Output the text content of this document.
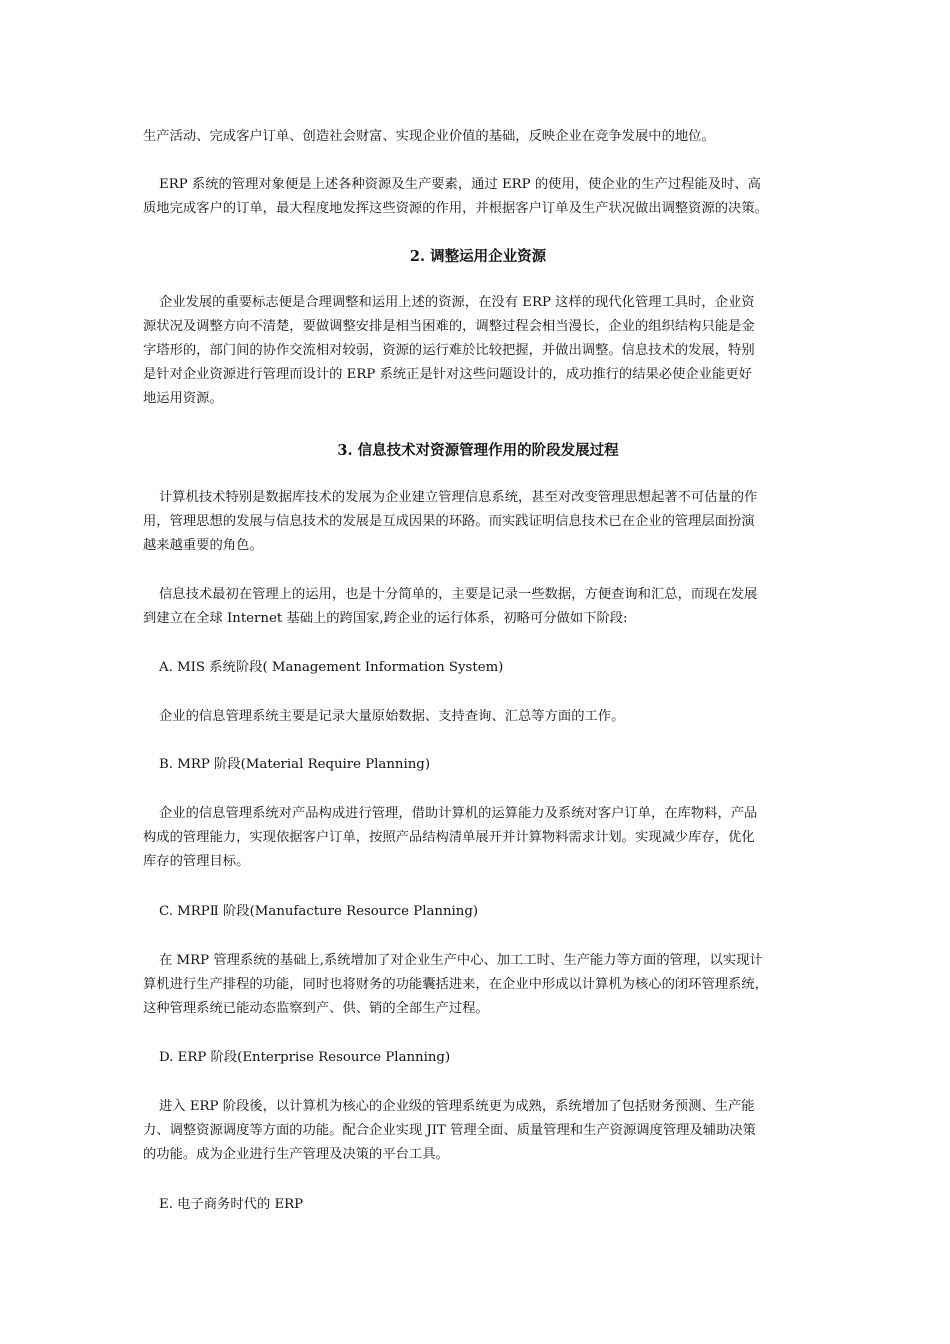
生产活动、完成客户订单、创造社会财富、实现企业价值的基础，反映企业在竞争发展中的地位。

ERP 系统的管理对象便是上述各种资源及生产要素，通过 ERP 的使用，使企业的生产过程能及时、高
质地完成客户的订单，最大程度地发挥这些资源的作用，并根据客户订单及生产状况做出调整资源的决策。

2. 调整运用企业资源

企业发展的重要标志便是合理调整和运用上述的资源，在没有 ERP 这样的现代化管理工具时，企业资
源状况及调整方向不清楚，要做调整安排是相当困难的，调整过程会相当漫长，企业的组织结构只能是金
字塔形的，部门间的协作交流相对较弱，资源的运行难於比较把握，并做出调整。信息技术的发展，特别
是针对企业资源进行管理而设计的 ERP 系统正是针对这些问题设计的，成功推行的结果必使企业能更好
地运用资源。

3. 信息技术对资源管理作用的阶段发展过程

计算机技术特别是数据库技术的发展为企业建立管理信息系统，甚至对改变管理思想起著不可估量的作
用，管理思想的发展与信息技术的发展是互成因果的环路。而实践证明信息技术已在企业的管理层面扮演
越来越重要的角色。

信息技术最初在管理上的运用，也是十分简单的，主要是记录一些数据，方便查询和汇总，而现在发展
到建立在全球 Internet 基础上的跨国家,跨企业的运行体系，初略可分做如下阶段:

A. MIS 系统阶段( Management Information System)

企业的信息管理系统主要是记录大量原始数据、支持查询、汇总等方面的工作。

B. MRP 阶段(Material Require Planning)

企业的信息管理系统对产品构成进行管理，借助计算机的运算能力及系统对客户订单，在库物料，产品
构成的管理能力，实现依据客户订单，按照产品结构清单展开并计算物料需求计划。实现减少库存，优化
库存的管理目标。

C. MRPⅡ 阶段(Manufacture Resource Planning)

在 MRP 管理系统的基础上,系统增加了对企业生产中心、加工工时、生产能力等方面的管理，以实现计
算机进行生产排程的功能，同时也将财务的功能囊括进来，在企业中形成以计算机为核心的闭环管理系统，
这种管理系统已能动态监察到产、供、销的全部生产过程。

D. ERP 阶段(Enterprise Resource Planning)

进入 ERP 阶段後，以计算机为核心的企业级的管理系统更为成熟，系统增加了包括财务预测、生产能
力、调整资源调度等方面的功能。配合企业实现 JIT 管理全面、质量管理和生产资源调度管理及辅助决策
的功能。成为企业进行生产管理及决策的平台工具。

E. 电子商务时代的 ERP
